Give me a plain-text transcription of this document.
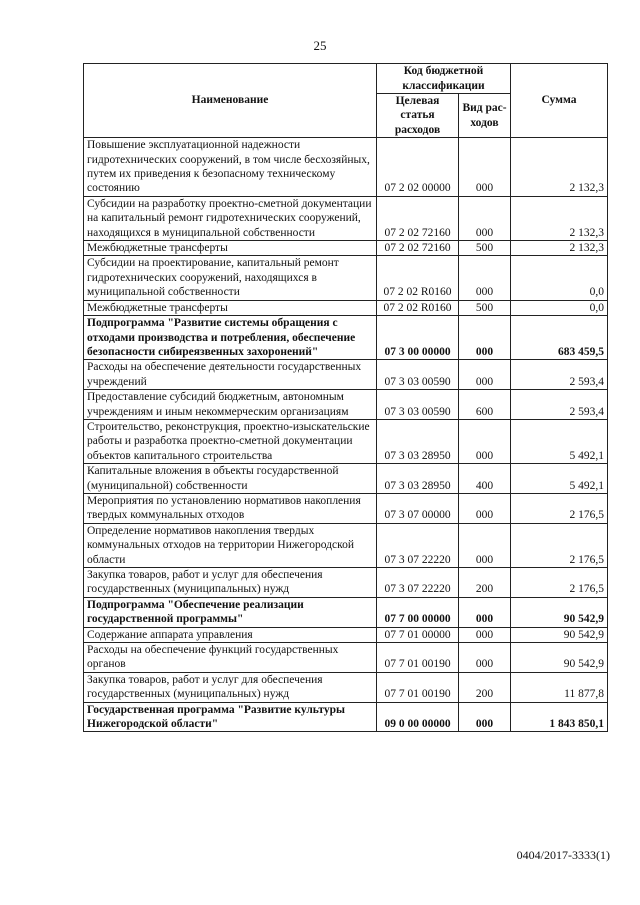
25
Наименование	Код бюджетной классификации		Сумма
	Целевая статья расходов	Вид рас-ходов	
Повышение эксплуатационной надежности гидротехнических сооружений, в том числе бесхозяйных, путем их приведения к безопасному техническому состоянию	07 2 02 00000	000	2 132,3
Субсидии на разработку проектно-сметной документации на капитальный ремонт гидротехнических сооружений, находящихся в муниципальной собственности	07 2 02 72160	000	2 132,3
Межбюджетные трансферты	07 2 02 72160	500	2 132,3
Субсидии на проектирование, капитальный ремонт гидротехнических сооружений, находящихся в муниципальной собственности	07 2 02 R0160	000	0,0
Межбюджетные трансферты	07 2 02 R0160	500	0,0
Подпрограмма "Развитие системы обращения с отходами производства и потребления, обеспечение безопасности сибиреязвенных захоронений"	07 3 00 00000	000	683 459,5
Расходы на обеспечение деятельности государственных учреждений	07 3 03 00590	000	2 593,4
Предоставление субсидий бюджетным, автономным учреждениям и иным некоммерческим организациям	07 3 03 00590	600	2 593,4
Строительство, реконструкция, проектно-изыскательские работы и разработка проектно-сметной документации объектов капитального строительства	07 3 03 28950	000	5 492,1
Капитальные вложения в объекты государственной (муниципальной) собственности	07 3 03 28950	400	5 492,1
Мероприятия по установлению нормативов накопления твердых коммунальных отходов	07 3 07 00000	000	2 176,5
Определение нормативов накопления твердых коммунальных отходов на территории Нижегородской области	07 3 07 22220	000	2 176,5
Закупка товаров, работ и услуг для обеспечения государственных (муниципальных) нужд	07 3 07 22220	200	2 176,5
Подпрограмма "Обеспечение реализации государственной программы"	07 7 00 00000	000	90 542,9
Содержание аппарата управления	07 7 01 00000	000	90 542,9
Расходы на обеспечение функций государственных органов	07 7 01 00190	000	90 542,9
Закупка товаров, работ и услуг для обеспечения государственных (муниципальных) нужд	07 7 01 00190	200	11 877,8
Государственная программа "Развитие культуры Нижегородской области"	09 0 00 00000	000	1 843 850,1
0404/2017-3333(1)
